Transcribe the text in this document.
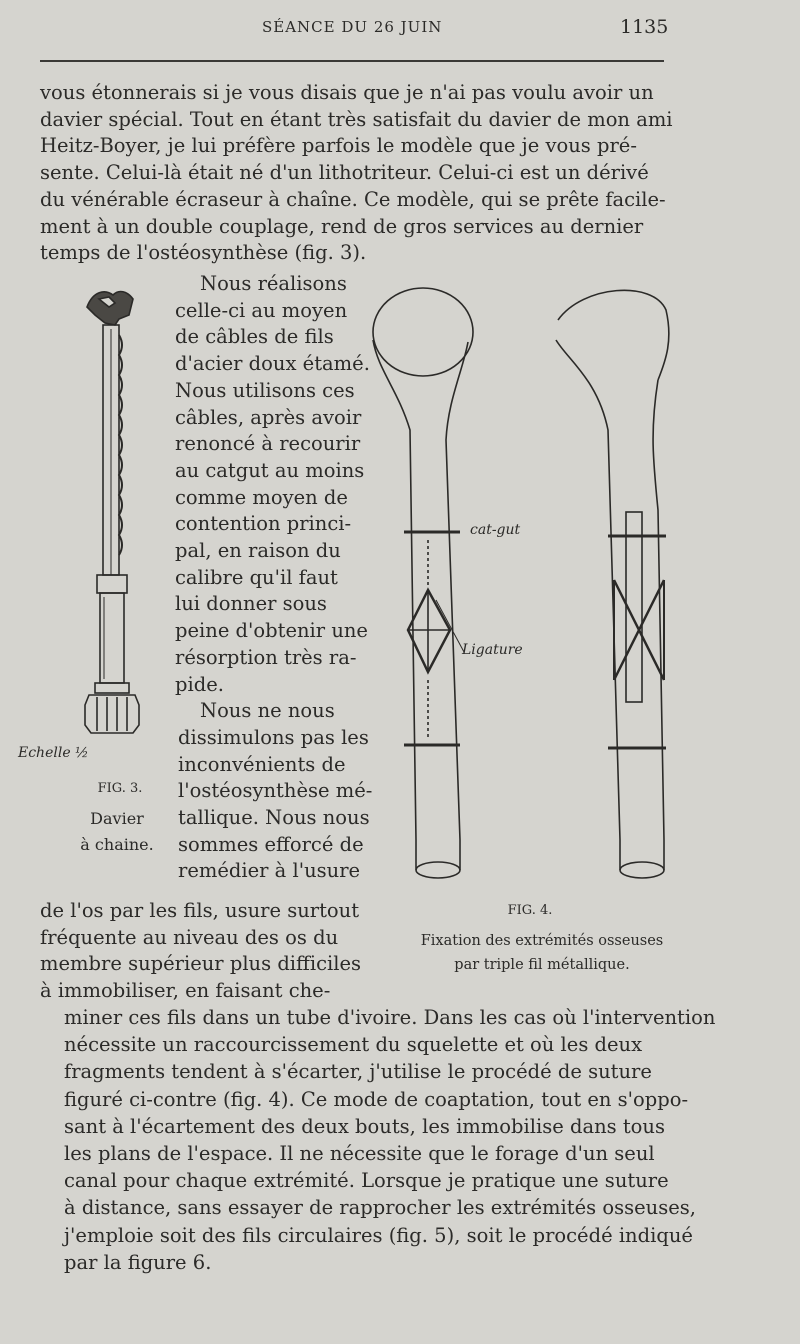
SÉANCE DU 26 JUIN	1135
vous étonnerais si je vous disais que je n'ai pas voulu avoir un
davier spécial. Tout en étant très satisfait du davier de mon ami
Heitz-Boyer, je lui préfère parfois le modèle que je vous pré-
sente. Celui-là était né d'un lithotriteur. Celui-ci est un dérivé
du vénérable écraseur à chaîne. Ce modèle, qui se prête facile-
ment à un double couplage, rend de gros services au dernier
temps de l'ostéosynthèse (fig. 3).
Nous réalisons
celle-ci au moyen
de câbles de fils
d'acier doux étamé.
Nous utilisons ces
câbles, après avoir
renoncé à recourir
au catgut au moins
comme moyen de
contention princi-
pal, en raison du
calibre qu'il faut
lui donner sous
peine d'obtenir une
résorption très ra-
pide.
Nous ne nous
dissimulons pas les
inconvénients de
l'ostéosynthèse mé-
tallique. Nous nous
sommes efforcé de
remédier à l'usure
de l'os par les fils, usure surtout
fréquente au niveau des os du
membre supérieur plus difficiles
à immobiliser, en faisant che-
miner ces fils dans un tube d'ivoire. Dans les cas où l'intervention
nécessite un raccourcissement du squelette et où les deux
fragments tendent à s'écarter, j'utilise le procédé de suture
figuré ci-contre (fig. 4). Ce mode de coaptation, tout en s'oppo-
sant à l'écartement des deux bouts, les immobilise dans tous
les plans de l'espace. Il ne nécessite que le forage d'un seul
canal pour chaque extrémité. Lorsque je pratique une suture
à distance, sans essayer de rapprocher les extrémités osseuses,
j'emploie soit des fils circulaires (fig. 5), soit le procédé indiqué
par la figure 6.
Echelle ½
FIG. 3.
Davier
à chaine.
cat-gut
Ligature
FIG. 4.
Fixation des extrémités osseuses
par triple fil métallique.
